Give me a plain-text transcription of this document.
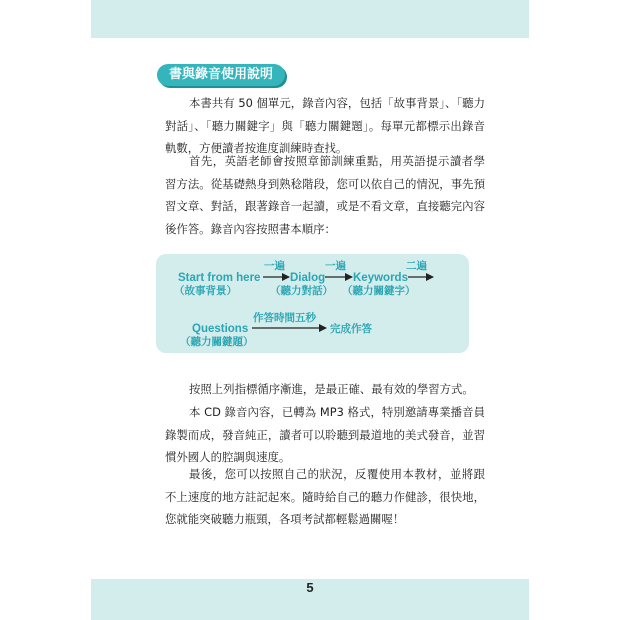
書與錄音使用說明

本書共有 50 個單元，錄音內容，包括「故事背景」、「聽力對話」、「聽力關鍵字」與「聽力關鍵題」。每單元都標示出錄音軌數，方便讀者按進度訓練時查找。

首先，英語老師會按照章節訓練重點，用英語提示讀者學習方法。從基礎熱身到熟稔階段，您可以依自己的情況，事先預習文章、對話，跟著錄音一起讀，或是不看文章，直接聽完內容後作答。錄音內容按照書本順序：

Start from here
（故事背景）
一遍
Dialog
（聽力對話）
一遍
Keywords
（聽力關鍵字）
二遍
Questions
（聽力關鍵題）
作答時間五秒
完成作答

按照上列指標循序漸進，是最正確、最有效的學習方式。

本 CD 錄音內容，已轉為 MP3 格式，特別邀請專業播音員錄製而成，發音純正，讀者可以聆聽到最道地的美式發音，並習慣外國人的腔調與速度。

最後，您可以按照自己的狀況，反覆使用本教材，並將跟不上速度的地方註記起來。隨時給自己的聽力作健診，很快地，您就能突破聽力瓶頸，各項考試都輕鬆過關喔！

5
